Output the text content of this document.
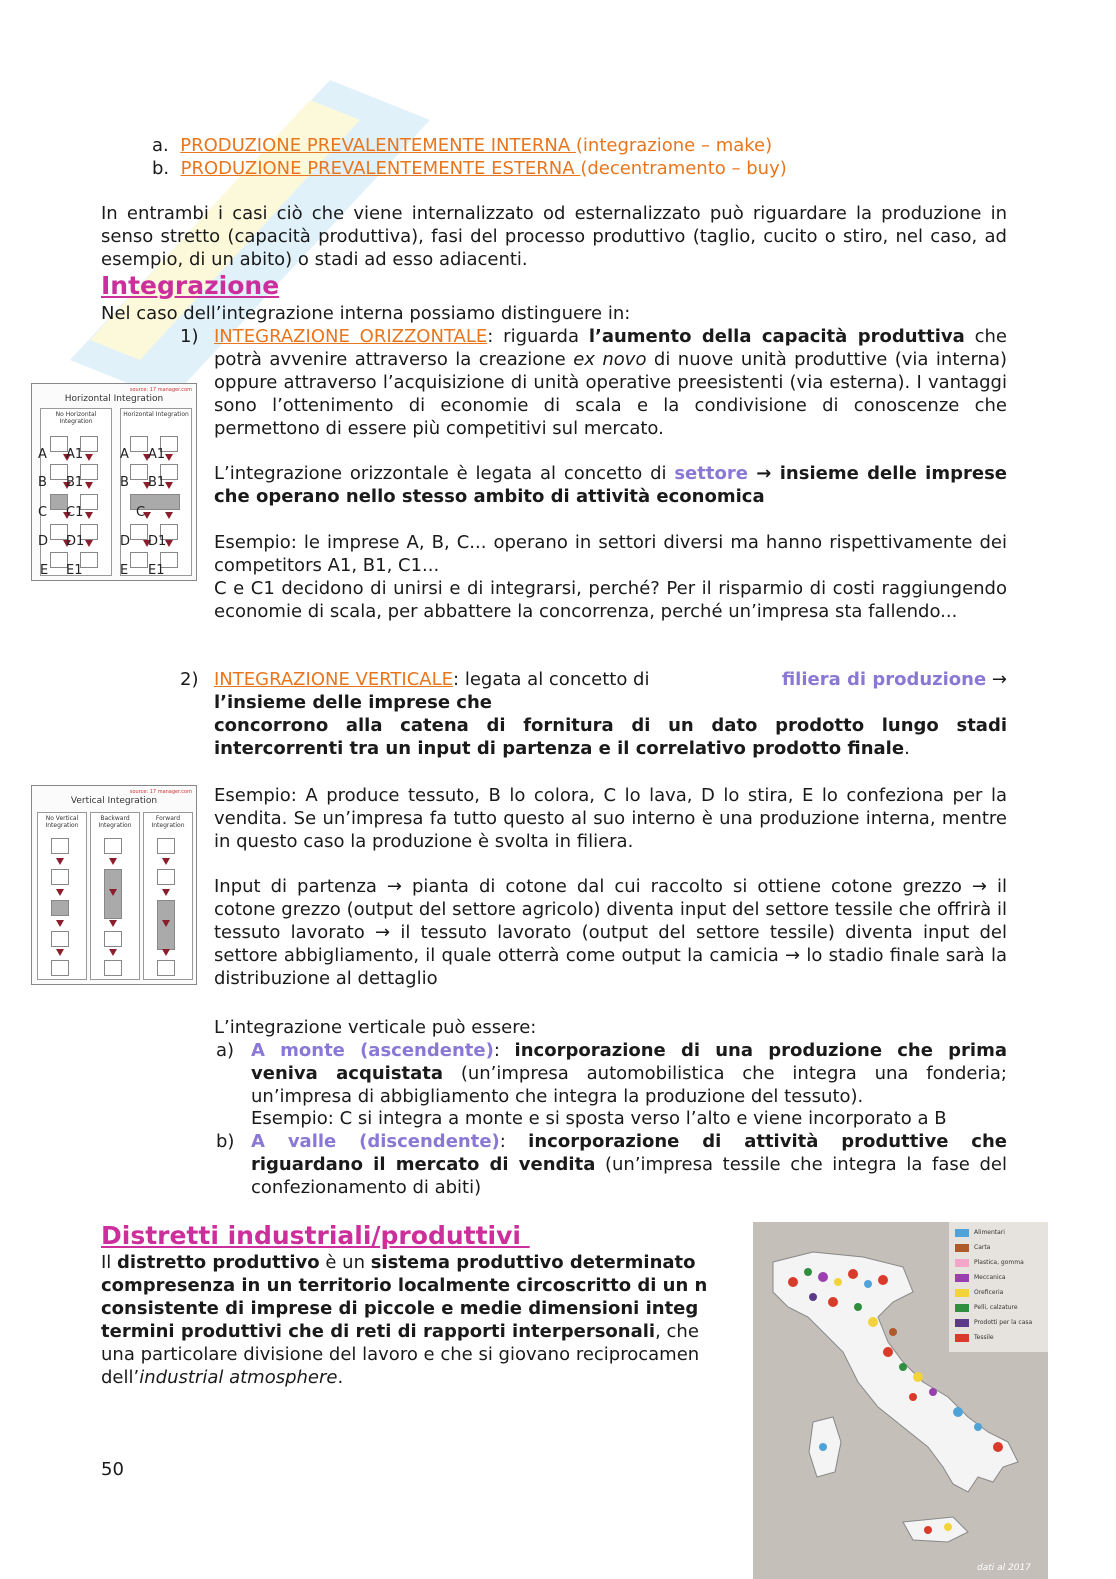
a. PRODUZIONE PREVALENTEMENTE INTERNA (integrazione – make)
b. PRODUZIONE PREVALENTEMENTE ESTERNA (decentramento – buy)
In entrambi i casi ciò che viene internalizzato od esternalizzato può riguardare la produzione in senso stretto (capacità produttiva), fasi del processo produttivo (taglio, cucito o stiro, nel caso, ad esempio, di un abito) o stadi ad esso adiacenti.
Integrazione
Nel caso dell’integrazione interna possiamo distinguere in:
1) INTEGRAZIONE ORIZZONTALE: riguarda l’aumento della capacità produttiva che potrà avvenire attraverso la creazione ex novo di nuove unità produttive (via interna) oppure attraverso l’acquisizione di unità operative preesistenti (via esterna). I vantaggi sono l’ottenimento di economie di scala e la condivisione di conoscenze che permettono di essere più competitivi sul mercato.
L’integrazione orizzontale è legata al concetto di settore → insieme delle imprese che operano nello stesso ambito di attività economica
Esempio: le imprese A, B, C... operano in settori diversi ma hanno rispettivamente dei competitors A1, B1, C1...
C e C1 decidono di unirsi e di integrarsi, perché? Per il risparmio di costi raggiungendo economie di scala, per abbattere la concorrenza, perché un’impresa sta fallendo...
source: 17 manager.com
Horizontal Integration
No Horizontal Integration
Horizontal Integration
A A1
B B1
C C1
D D1
E E1
A A1
B B1
C
D D1
E E1
2) INTEGRAZIONE VERTICALE: legata al concetto di	filiera di produzione →
l’insieme delle imprese che
concorrono alla catena di fornitura di un dato prodotto lungo stadi intercorrenti tra un input di partenza e il correlativo prodotto finale.
source: 17 manager.com
Vertical Integration
No Vertical Integration
Backward Integration
Forward Integration
Esempio: A produce tessuto, B lo colora, C lo lava, D lo stira, E lo confeziona per la vendita. Se un’impresa fa tutto questo al suo interno è una produzione interna, mentre in questo caso la produzione è svolta in filiera.
Input di partenza → pianta di cotone dal cui raccolto si ottiene cotone grezzo → il cotone grezzo (output del settore agricolo) diventa input del settore tessile che offrirà il tessuto lavorato → il tessuto lavorato (output del settore tessile) diventa input del settore abbigliamento, il quale otterrà come output la camicia → lo stadio finale sarà la distribuzione al dettaglio
L’integrazione verticale può essere:
a) A monte (ascendente): incorporazione di una produzione che prima veniva acquistata (un’impresa automobilistica che integra una fonderia; un’impresa di abbigliamento che integra la produzione del tessuto).
Esempio: C si integra a monte e si sposta verso l’alto e viene incorporato a B
b) A valle (discendente): incorporazione di attività produttive che riguardano il mercato di vendita (un’impresa tessile che integra la fase del confezionamento di abiti)
Distretti industriali/produttivi
Il distretto produttivo è un sistema produttivo determinato
compresenza in un territorio localmente circoscritto di un n
consistente di imprese di piccole e medie dimensioni integ
termini produttivi che di reti di rapporti interpersonali, che
una particolare divisione del lavoro e che si giovano reciprocamen
dell’industrial atmosphere.
Alimentari
Carta
Plastica, gomma
Meccanica
Oreficeria
Pelli, calzature
Prodotti per la casa
Tessile
dati al 2017
50
